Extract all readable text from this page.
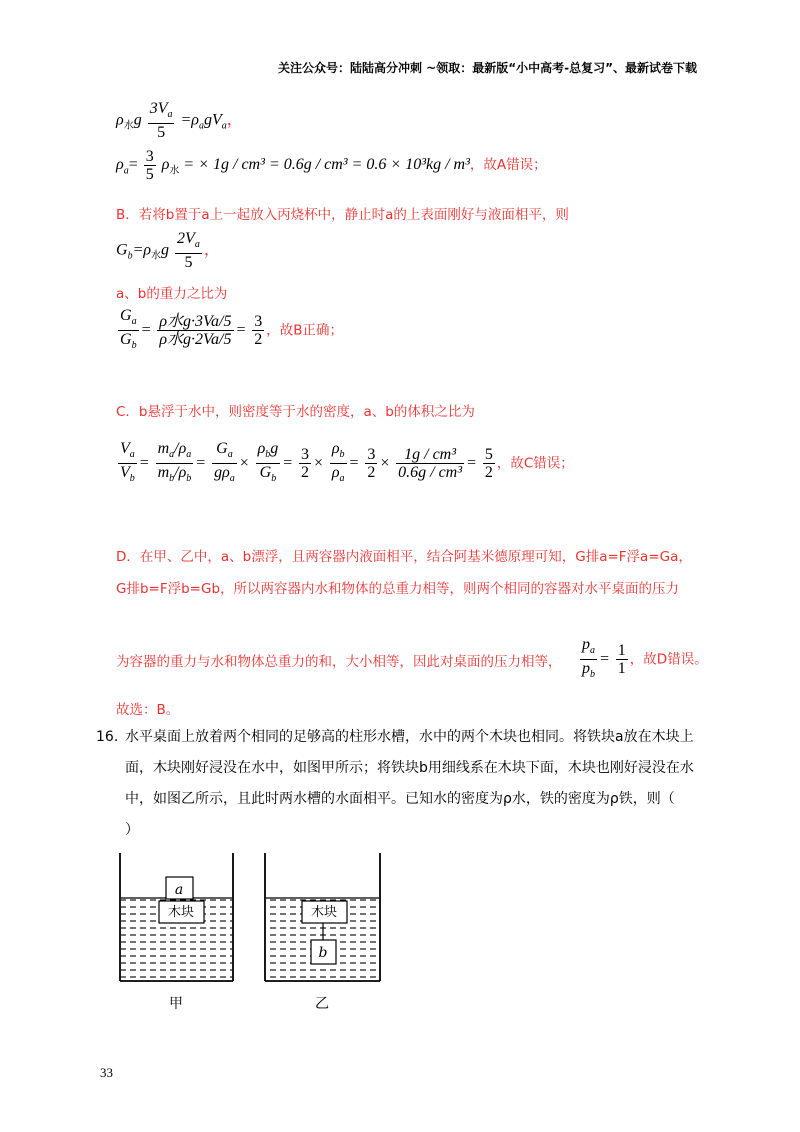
关注公众号：陆陆高分冲刺 ~领取：最新版“小中高考-总复习”、最新试卷下载
$\rho_水g \frac{3V_a}{5} =\rho_agV_a$，
$\rho_a= \frac{3}{5} \rho_水$ = × 1g / cm³ = 0.6g / cm³ = 0.6 × 10³kg / m³，故A错误；
B．若将b置于a上一起放入丙烧杯中，静止时a的上表面刚好与液面相平，则
$G_b=\rho_水g \frac{2V_a}{5}$ ，
a、b的重力之比为
$\frac{G_a}{G_b} = \frac{\text{ρ水g·3Va/5}}{\text{ρ水g·2Va/5}} = \frac{3}{2}$ ，故B正确；
C．b悬浮于水中，则密度等于水的密度，a、b的体积之比为
$\frac{V_a}{V_b} = \frac{m_a/\rho_a}{m_b/\rho_b} = \frac{G_a}{g\rho_a} \times \frac{\rho_bg}{G_b} = \frac{3}{2} \times \frac{\rho_b}{\rho_a} = \frac{3}{2} \times \frac{\text{1g / cm³}}{\text{0.6g / cm³}} = \frac{5}{2}$ ，故C错误；
D．在甲、乙中，a、b漂浮，且两容器内液面相平，结合阿基米德原理可知，G排a=F浮a=Ga，
G排b=F浮b=Gb，所以两容器内水和物体的总重力相等，则两个相同的容器对水平桌面的压力
为容器的重力与水和物体总重力的和，大小相等，因此对桌面的压力相等， $\frac{p_a}{p_b} = \frac{1}{1}$ ，故D错误。
故选：B。
16. 水平桌面上放着两个相同的足够高的柱形水槽，水中的两个木块也相同。将铁块a放在木块上
面，木块刚好浸没在水中，如图甲所示；将铁块b用细线系在木块下面，木块也刚好浸没在水
中，如图乙所示，且此时两水槽的水面相平。已知水的密度为ρ水，铁的密度为ρ铁，则（
）
木块
a
木块
b
甲	乙
33
